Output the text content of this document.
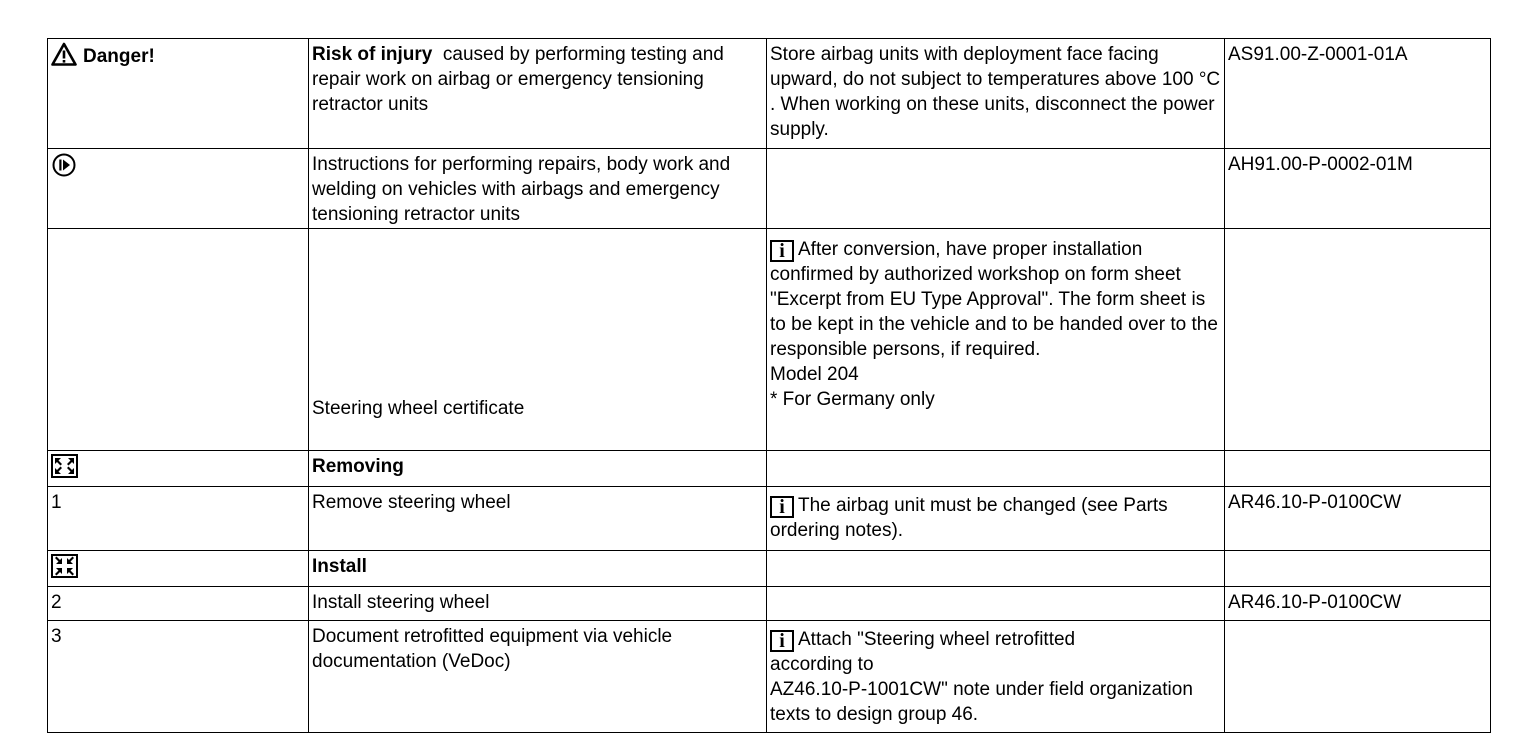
Danger!	Risk of injury caused by performing testing and repair work on airbag or emergency tensioning retractor units	Store airbag units with deployment face facing upward, do not subject to temperatures above 100 °C . When working on these units, disconnect the power supply.	AS91.00-Z-0001-01A
	Instructions for performing repairs, body work and welding on vehicles with airbags and emergency tensioning retractor units		AH91.00-P-0002-01M
	Steering wheel certificate	i After conversion, have proper installation confirmed by authorized workshop on form sheet "Excerpt from EU Type Approval". The form sheet is to be kept in the vehicle and to be handed over to the responsible persons, if required.
Model 204
* For Germany only	

	Removing		
1	Remove steering wheel	i The airbag unit must be changed (see Parts ordering notes).	AR46.10-P-0100CW
	Install		
2	Install steering wheel		AR46.10-P-0100CW
3	Document retrofitted equipment via vehicle documentation (VeDoc)	i Attach "Steering wheel retrofitted
according to
AZ46.10-P-1001CW" note under field organization texts to design group 46.	
